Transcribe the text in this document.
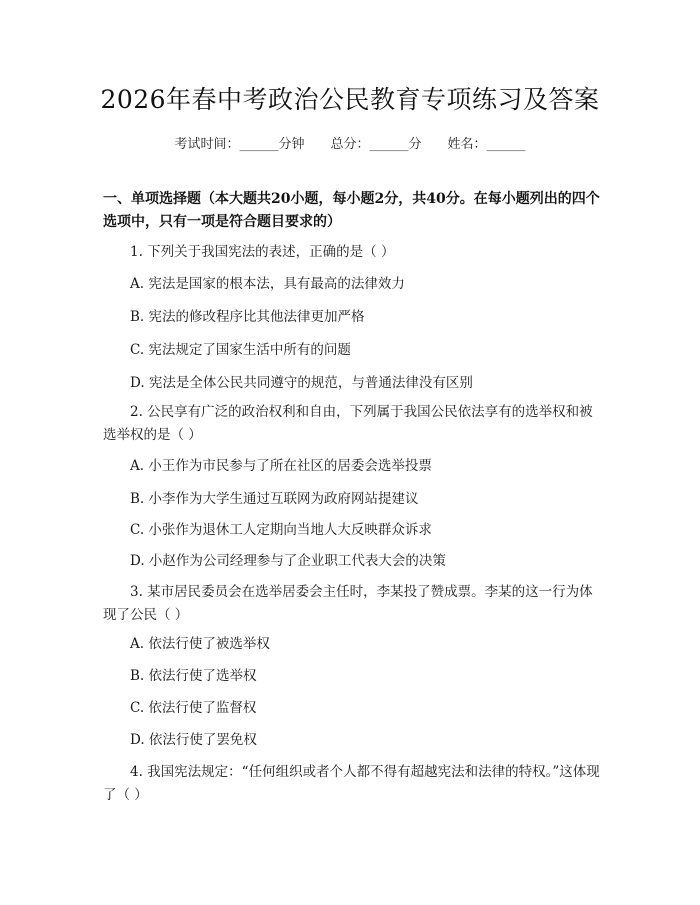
2026年春中考政治公民教育专项练习及答案
考试时间：______分钟 总分：______分 姓名：______
一、单项选择题（本大题共20小题，每小题2分，共40分。在每小题列出的四个选项中，只有一项是符合题目要求的）
1. 下列关于我国宪法的表述，正确的是（ ）
A. 宪法是国家的根本法，具有最高的法律效力
B. 宪法的修改程序比其他法律更加严格
C. 宪法规定了国家生活中所有的问题
D. 宪法是全体公民共同遵守的规范，与普通法律没有区别
2. 公民享有广泛的政治权利和自由，下列属于我国公民依法享有的选举权和被选举权的是（ ）
A. 小王作为市民参与了所在社区的居委会选举投票
B. 小李作为大学生通过互联网为政府网站提建议
C. 小张作为退休工人定期向当地人大反映群众诉求
D. 小赵作为公司经理参与了企业职工代表大会的决策
3. 某市居民委员会在选举居委会主任时，李某投了赞成票。李某的这一行为体现了公民（ ）
A. 依法行使了被选举权
B. 依法行使了选举权
C. 依法行使了监督权
D. 依法行使了罢免权
4. 我国宪法规定：“任何组织或者个人都不得有超越宪法和法律的特权。”这体现了（ ）
